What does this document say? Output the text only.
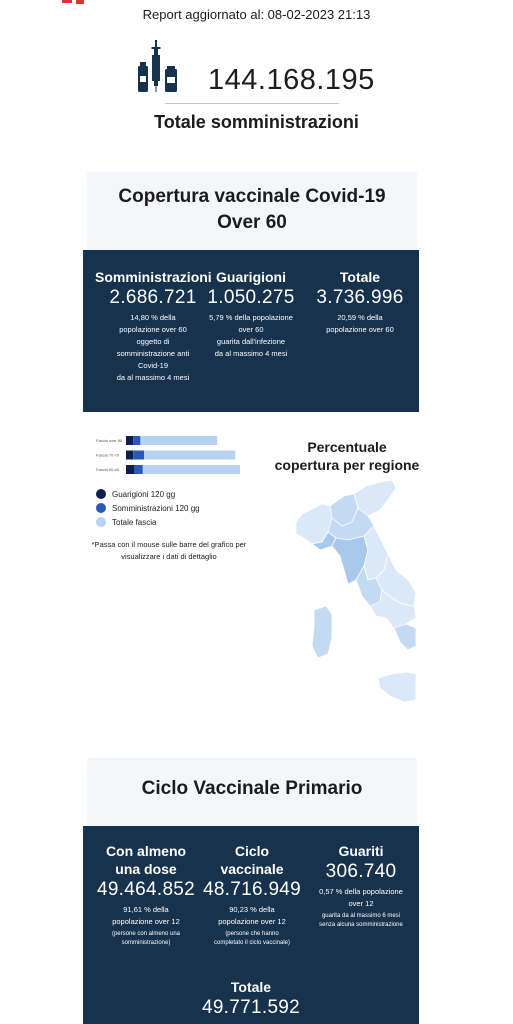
Report aggiornato al: 08-02-2023 21:13
144.168.195
Totale somministrazioni
Copertura vaccinale Covid-19
Over 60
Somministrazioni
2.686.721
14,80 % della
popolazione over 60
oggetto di
somministrazione anti
Covid-19
da al massimo 4 mesi
Guarigioni
1.050.275
5,79 % della popolazione
over 60
guarita dall'infezione
da al massimo 4 mesi
Totale
3.736.996
20,59 % della
popolazione over 60
Fascia over 80
Fascia 70-79
Fascia 60-69
Guarigioni 120 gg
Somministrazioni 120 gg
Totale fascia
*Passa con il mouse sulle barre del grafico per
visualizzare i dati di dettaglio
Percentuale
copertura per regione
Ciclo Vaccinale Primario
Con almeno
una dose
49.464.852
91,61 % della
popolazione over 12
(persone con almeno una
somministrazione)
Ciclo
vaccinale
48.716.949
90,23 % della
popolazione over 12
(persone che hanno
completato il ciclo vaccinale)
Guariti
306.740
0,57 % della popolazione
over 12
guarita da al massimo 6 mesi
senza alcuna somministrazione
Totale
49.771.592
